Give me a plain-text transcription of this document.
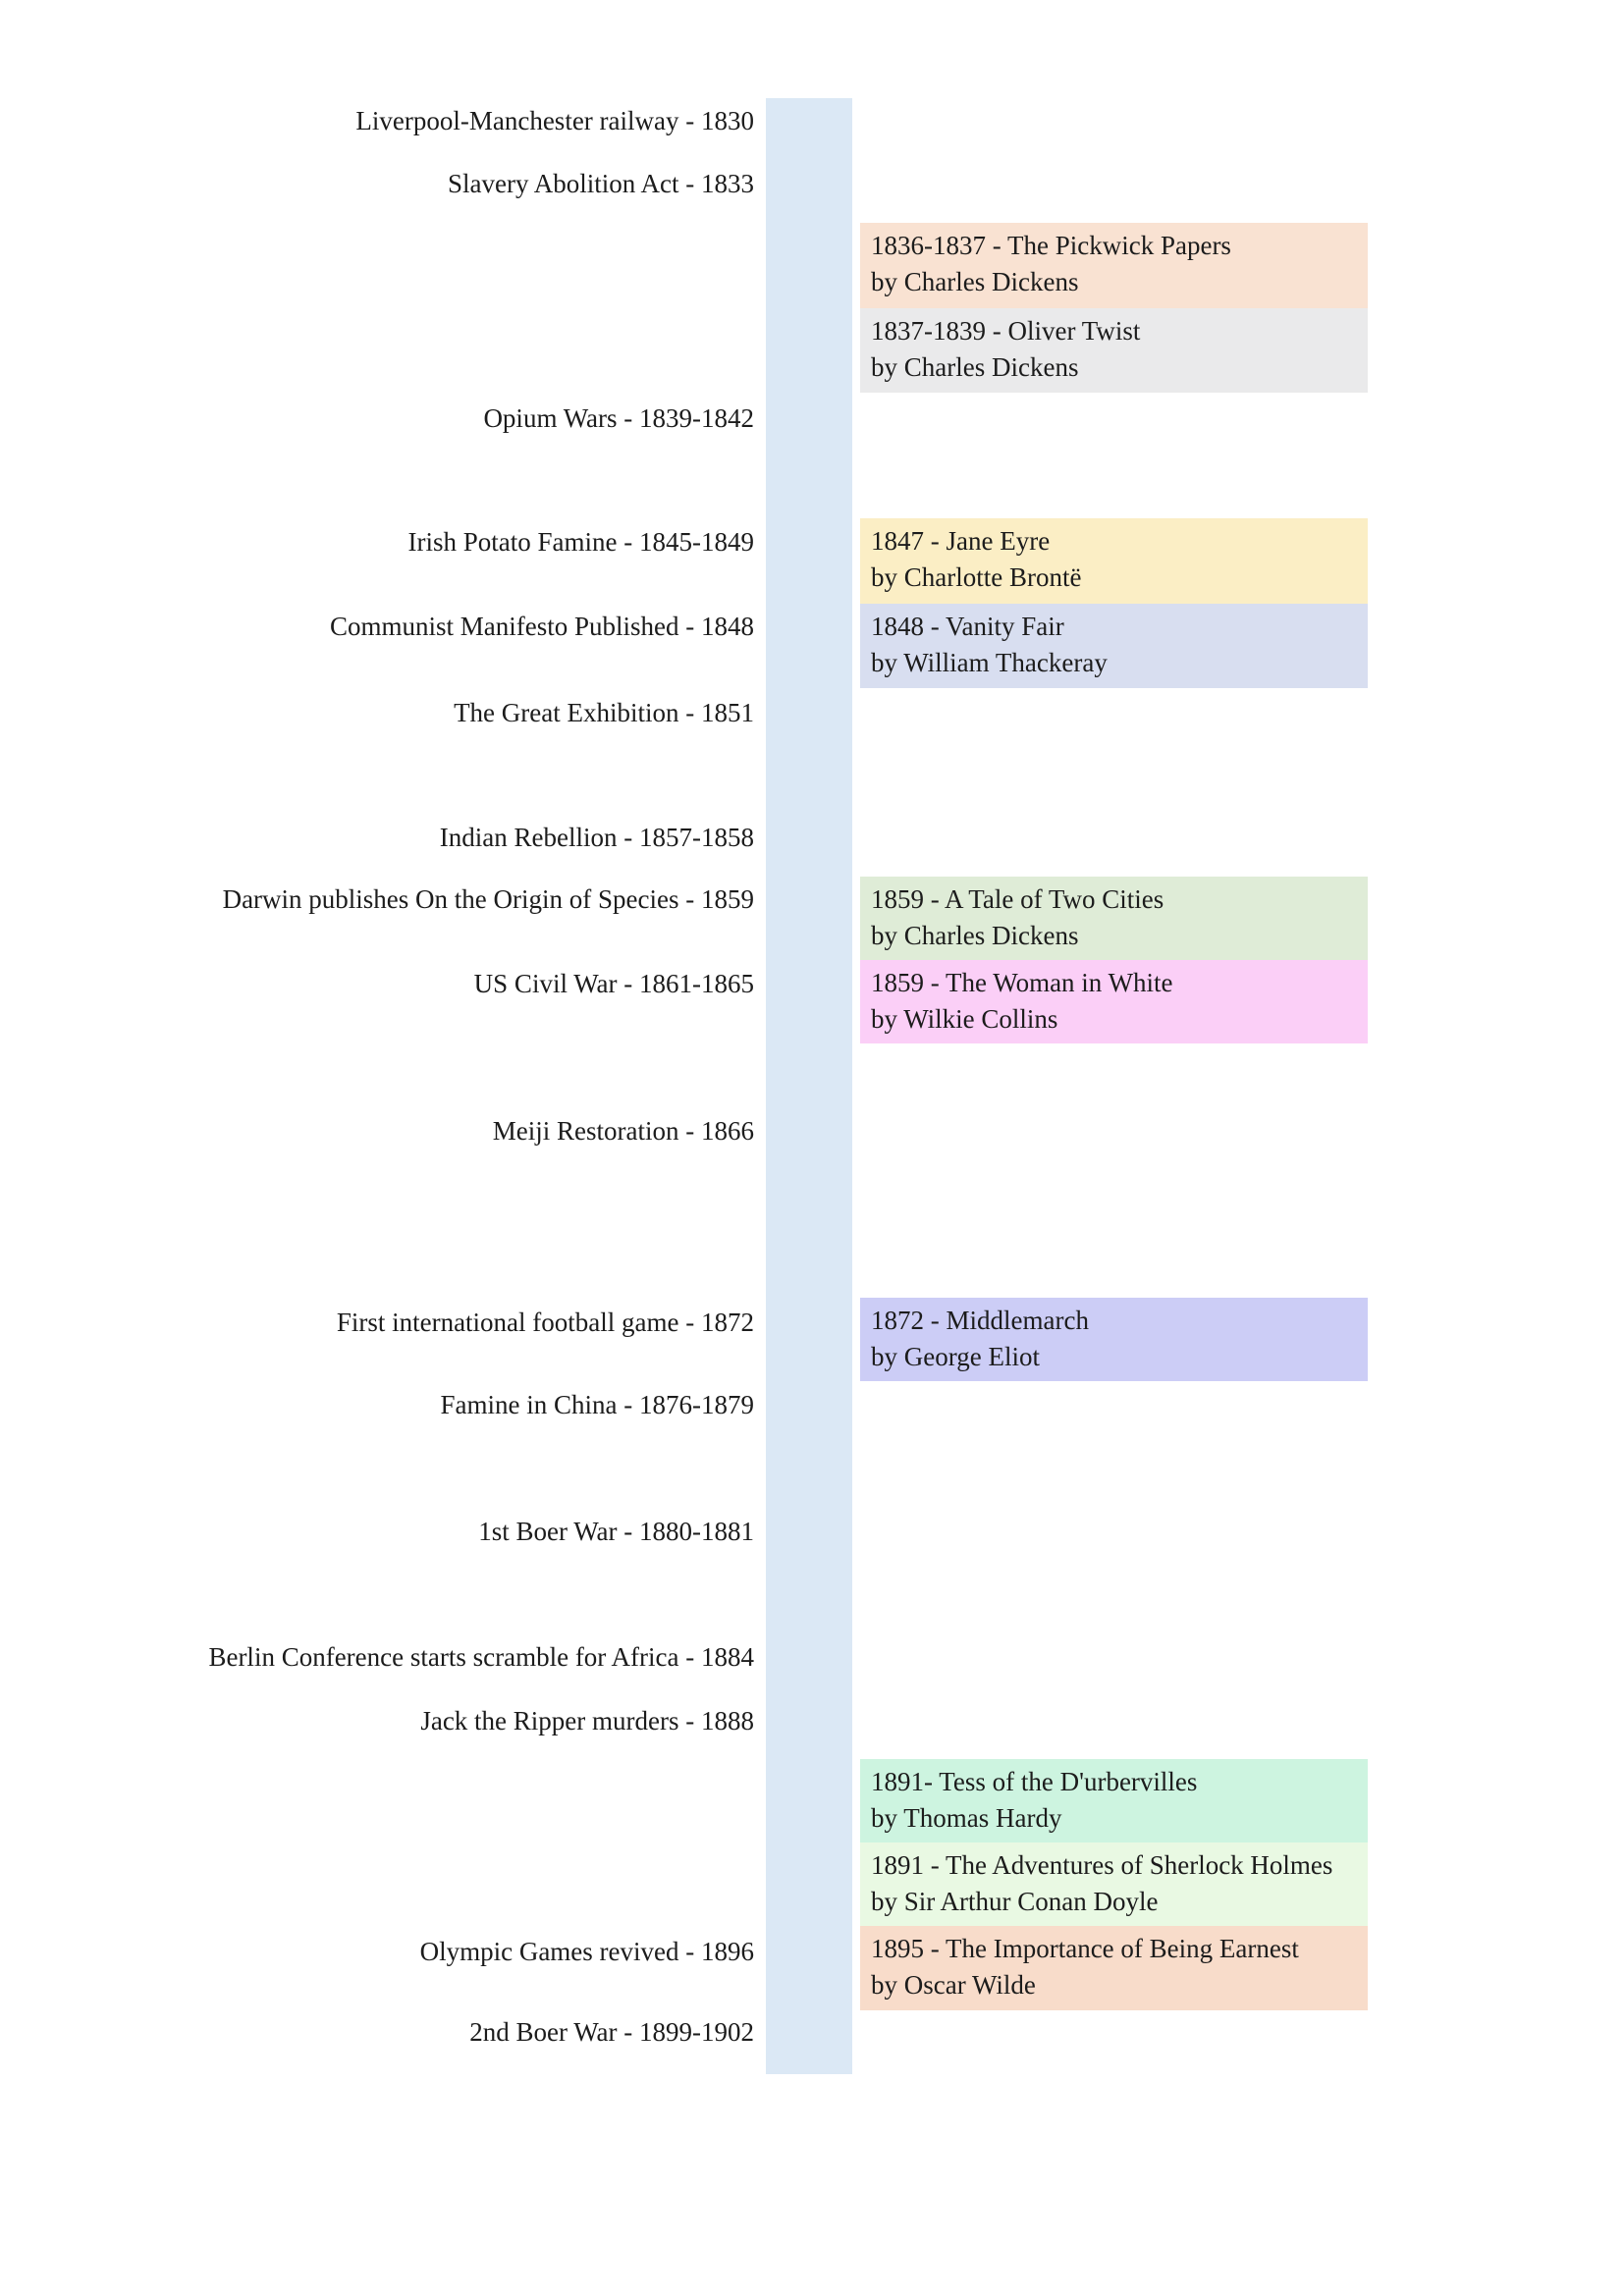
Liverpool-Manchester railway - 1830
Slavery Abolition Act - 1833
Opium Wars - 1839-1842
Irish Potato Famine - 1845-1849
Communist Manifesto Published - 1848
The Great Exhibition - 1851
Indian Rebellion - 1857-1858
Darwin publishes On the Origin of Species - 1859
US Civil War - 1861-1865
Meiji Restoration - 1866
First international football game - 1872
Famine in China - 1876-1879
1st Boer War - 1880-1881
Berlin Conference starts scramble for Africa - 1884
Jack the Ripper murders - 1888
Olympic Games revived - 1896
2nd Boer War - 1899-1902
1836-1837 - The Pickwick Papers
by Charles Dickens
1837-1839 - Oliver Twist
by Charles Dickens
1847 - Jane Eyre
by Charlotte Brontë
1848 - Vanity Fair
by William Thackeray
1859 - A Tale of Two Cities
by Charles Dickens
1859 - The Woman in White
by Wilkie Collins
1872 - Middlemarch
by George Eliot
1891- Tess of the D'urbervilles
by Thomas Hardy
1891 - The Adventures of Sherlock Holmes
by Sir Arthur Conan Doyle
1895 - The Importance of Being Earnest
by Oscar Wilde
